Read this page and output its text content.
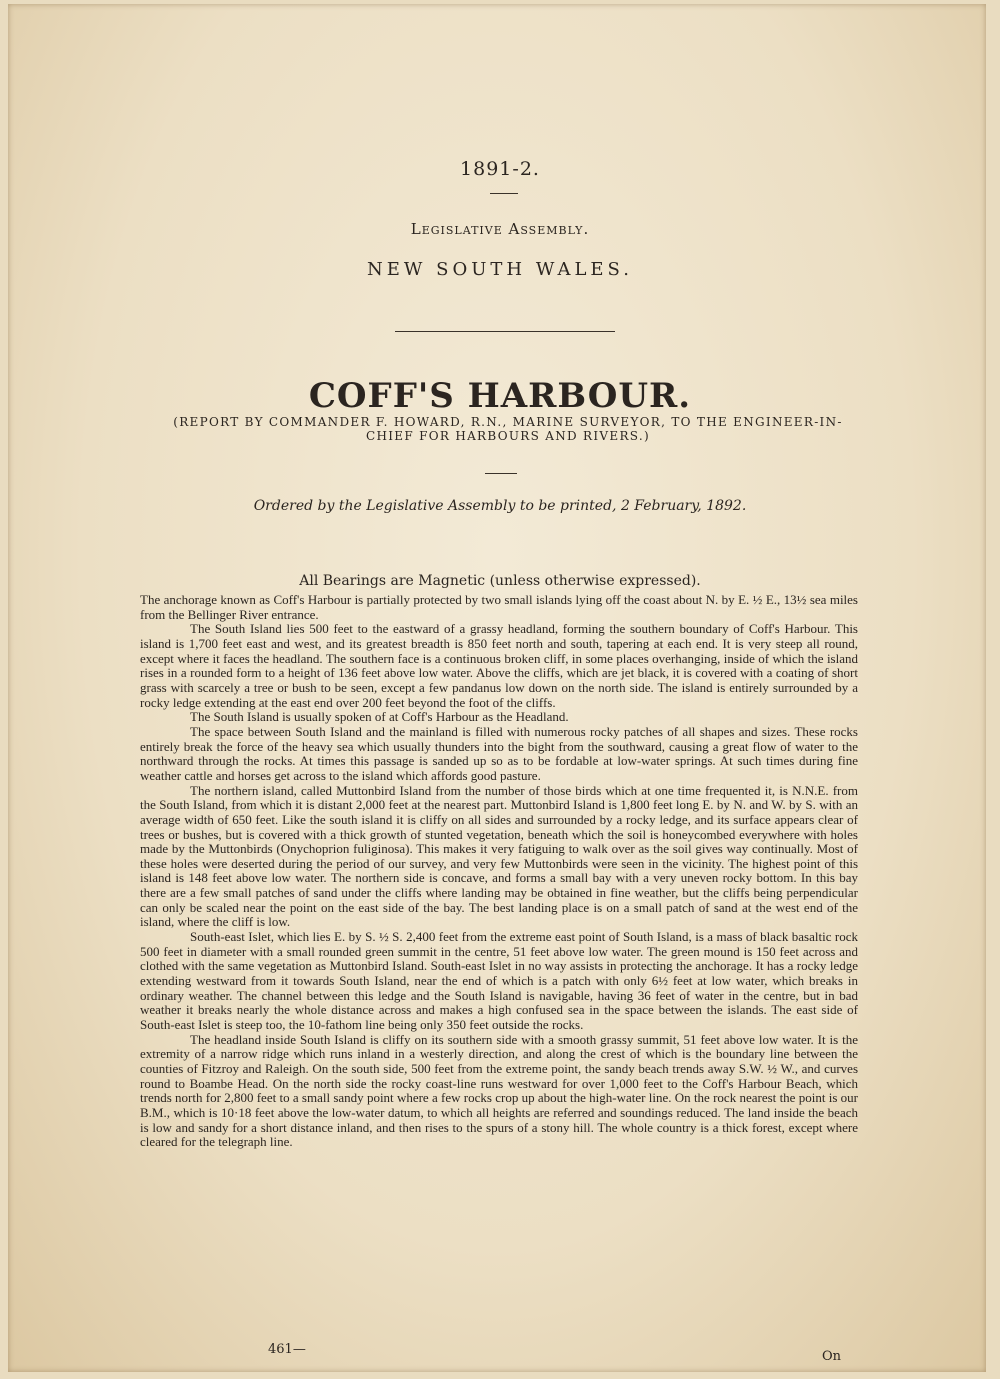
1891-2.
Legislative Assembly.
NEW SOUTH WALES.
COFF'S HARBOUR.
(REPORT BY COMMANDER F. HOWARD, R.N., MARINE SURVEYOR, TO THE ENGINEER-IN-CHIEF FOR HARBOURS AND RIVERS.)
Ordered by the Legislative Assembly to be printed, 2 February, 1892.
All Bearings are Magnetic (unless otherwise expressed).

The anchorage known as Coff's Harbour is partially protected by two small islands lying off the coast about N. by E. ½ E., 13½ sea miles from the Bellinger River entrance.

The South Island lies 500 feet to the eastward of a grassy headland, forming the southern boundary of Coff's Harbour. This island is 1,700 feet east and west, and its greatest breadth is 850 feet north and south, tapering at each end. It is very steep all round, except where it faces the headland. The southern face is a continuous broken cliff, in some places overhanging, inside of which the island rises in a rounded form to a height of 136 feet above low water. Above the cliffs, which are jet black, it is covered with a coating of short grass with scarcely a tree or bush to be seen, except a few pandanus low down on the north side. The island is entirely surrounded by a rocky ledge extending at the east end over 200 feet beyond the foot of the cliffs.

The South Island is usually spoken of at Coff's Harbour as the Headland.

The space between South Island and the mainland is filled with numerous rocky patches of all shapes and sizes. These rocks entirely break the force of the heavy sea which usually thunders into the bight from the southward, causing a great flow of water to the northward through the rocks. At times this passage is sanded up so as to be fordable at low-water springs. At such times during fine weather cattle and horses get across to the island which affords good pasture.

The northern island, called Muttonbird Island from the number of those birds which at one time frequented it, is N.N.E. from the South Island, from which it is distant 2,000 feet at the nearest part. Muttonbird Island is 1,800 feet long E. by N. and W. by S. with an average width of 650 feet. Like the south island it is cliffy on all sides and surrounded by a rocky ledge, and its surface appears clear of trees or bushes, but is covered with a thick growth of stunted vegetation, beneath which the soil is honeycombed everywhere with holes made by the Muttonbirds (Onychoprion fuliginosa). This makes it very fatiguing to walk over as the soil gives way continually. Most of these holes were deserted during the period of our survey, and very few Muttonbirds were seen in the vicinity. The highest point of this island is 148 feet above low water. The northern side is concave, and forms a small bay with a very uneven rocky bottom. In this bay there are a few small patches of sand under the cliffs where landing may be obtained in fine weather, but the cliffs being perpendicular can only be scaled near the point on the east side of the bay. The best landing place is on a small patch of sand at the west end of the island, where the cliff is low.

South-east Islet, which lies E. by S. ½ S. 2,400 feet from the extreme east point of South Island, is a mass of black basaltic rock 500 feet in diameter with a small rounded green summit in the centre, 51 feet above low water. The green mound is 150 feet across and clothed with the same vegetation as Muttonbird Island. South-east Islet in no way assists in protecting the anchorage. It has a rocky ledge extending westward from it towards South Island, near the end of which is a patch with only 6½ feet at low water, which breaks in ordinary weather. The channel between this ledge and the South Island is navigable, having 36 feet of water in the centre, but in bad weather it breaks nearly the whole distance across and makes a high confused sea in the space between the islands. The east side of South-east Islet is steep too, the 10-fathom line being only 350 feet outside the rocks.

The headland inside South Island is cliffy on its southern side with a smooth grassy summit, 51 feet above low water. It is the extremity of a narrow ridge which runs inland in a westerly direction, and along the crest of which is the boundary line between the counties of Fitzroy and Raleigh. On the south side, 500 feet from the extreme point, the sandy beach trends away S.W. ½ W., and curves round to Boambe Head. On the north side the rocky coast-line runs westward for over 1,000 feet to the Coff's Harbour Beach, which trends north for 2,800 feet to a small sandy point where a few rocks crop up about the high-water line. On the rock nearest the point is our B.M., which is 10·18 feet above the low-water datum, to which all heights are referred and soundings reduced. The land inside the beach is low and sandy for a short distance inland, and then rises to the spurs of a stony hill. The whole country is a thick forest, except where cleared for the telegraph line.

461—	On
